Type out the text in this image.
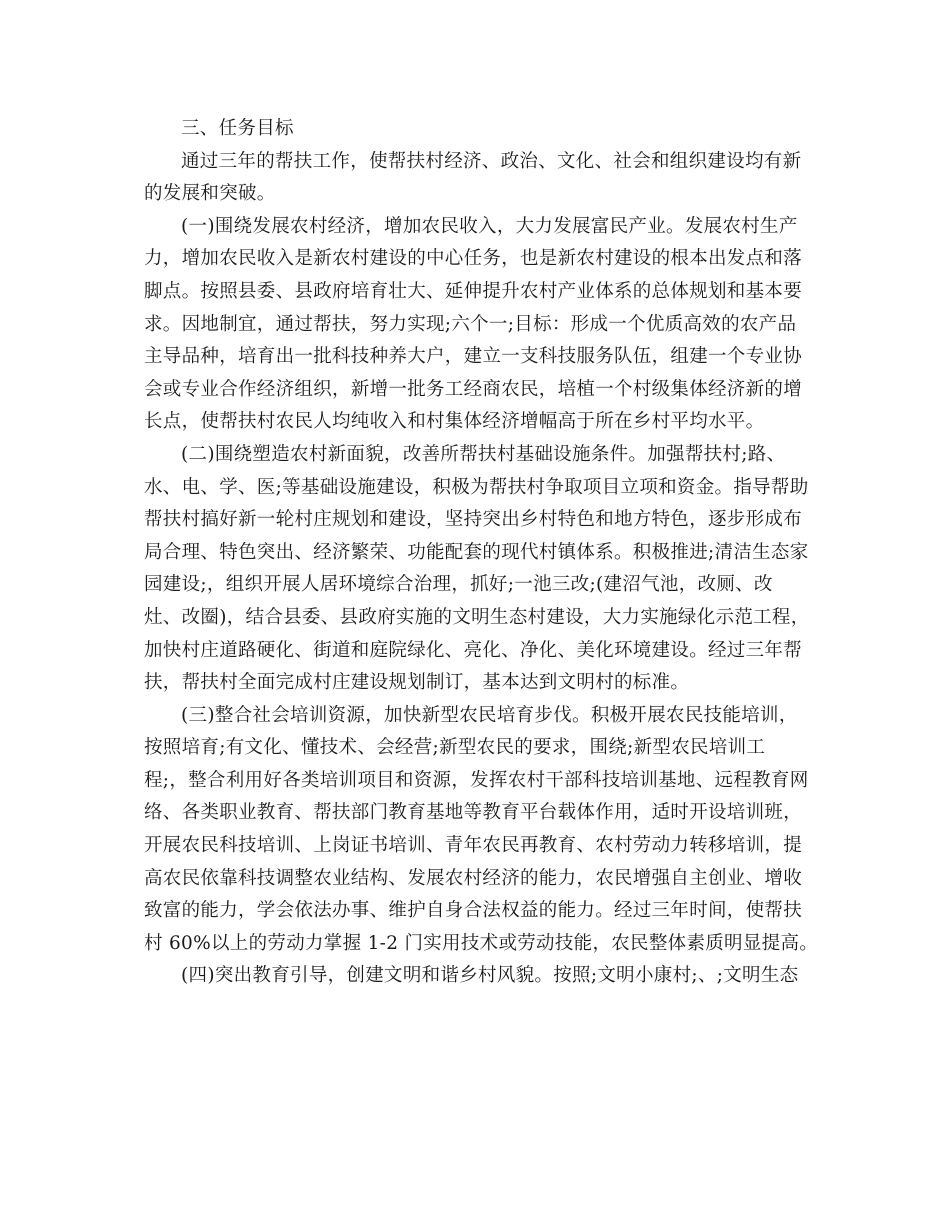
三、任务目标

通过三年的帮扶工作，使帮扶村经济、政治、文化、社会和组织建设均有新
的发展和突破。

(一)围绕发展农村经济，增加农民收入，大力发展富民产业。发展农村生产
力，增加农民收入是新农村建设的中心任务，也是新农村建设的根本出发点和落
脚点。按照县委、县政府培育壮大、延伸提升农村产业体系的总体规划和基本要
求。因地制宜，通过帮扶，努力实现;六个一;目标：形成一个优质高效的农产品
主导品种，培育出一批科技种养大户，建立一支科技服务队伍，组建一个专业协
会或专业合作经济组织，新增一批务工经商农民，培植一个村级集体经济新的增
长点，使帮扶村农民人均纯收入和村集体经济增幅高于所在乡村平均水平。

(二)围绕塑造农村新面貌，改善所帮扶村基础设施条件。加强帮扶村;路、
水、电、学、医;等基础设施建设，积极为帮扶村争取项目立项和资金。指导帮助
帮扶村搞好新一轮村庄规划和建设，坚持突出乡村特色和地方特色，逐步形成布
局合理、特色突出、经济繁荣、功能配套的现代村镇体系。积极推进;清洁生态家
园建设;，组织开展人居环境综合治理，抓好;一池三改;(建沼气池，改厕、改
灶、改圈)，结合县委、县政府实施的文明生态村建设，大力实施绿化示范工程，
加快村庄道路硬化、街道和庭院绿化、亮化、净化、美化环境建设。经过三年帮
扶，帮扶村全面完成村庄建设规划制订，基本达到文明村的标准。

(三)整合社会培训资源，加快新型农民培育步伐。积极开展农民技能培训，
按照培育;有文化、懂技术、会经营;新型农民的要求，围绕;新型农民培训工
程;，整合利用好各类培训项目和资源，发挥农村干部科技培训基地、远程教育网
络、各类职业教育、帮扶部门教育基地等教育平台载体作用，适时开设培训班，
开展农民科技培训、上岗证书培训、青年农民再教育、农村劳动力转移培训，提
高农民依靠科技调整农业结构、发展农村经济的能力，农民增强自主创业、增收
致富的能力，学会依法办事、维护自身合法权益的能力。经过三年时间，使帮扶
村 60%以上的劳动力掌握 1-2 门实用技术或劳动技能，农民整体素质明显提高。

(四)突出教育引导，创建文明和谐乡村风貌。按照;文明小康村;、;文明生态
